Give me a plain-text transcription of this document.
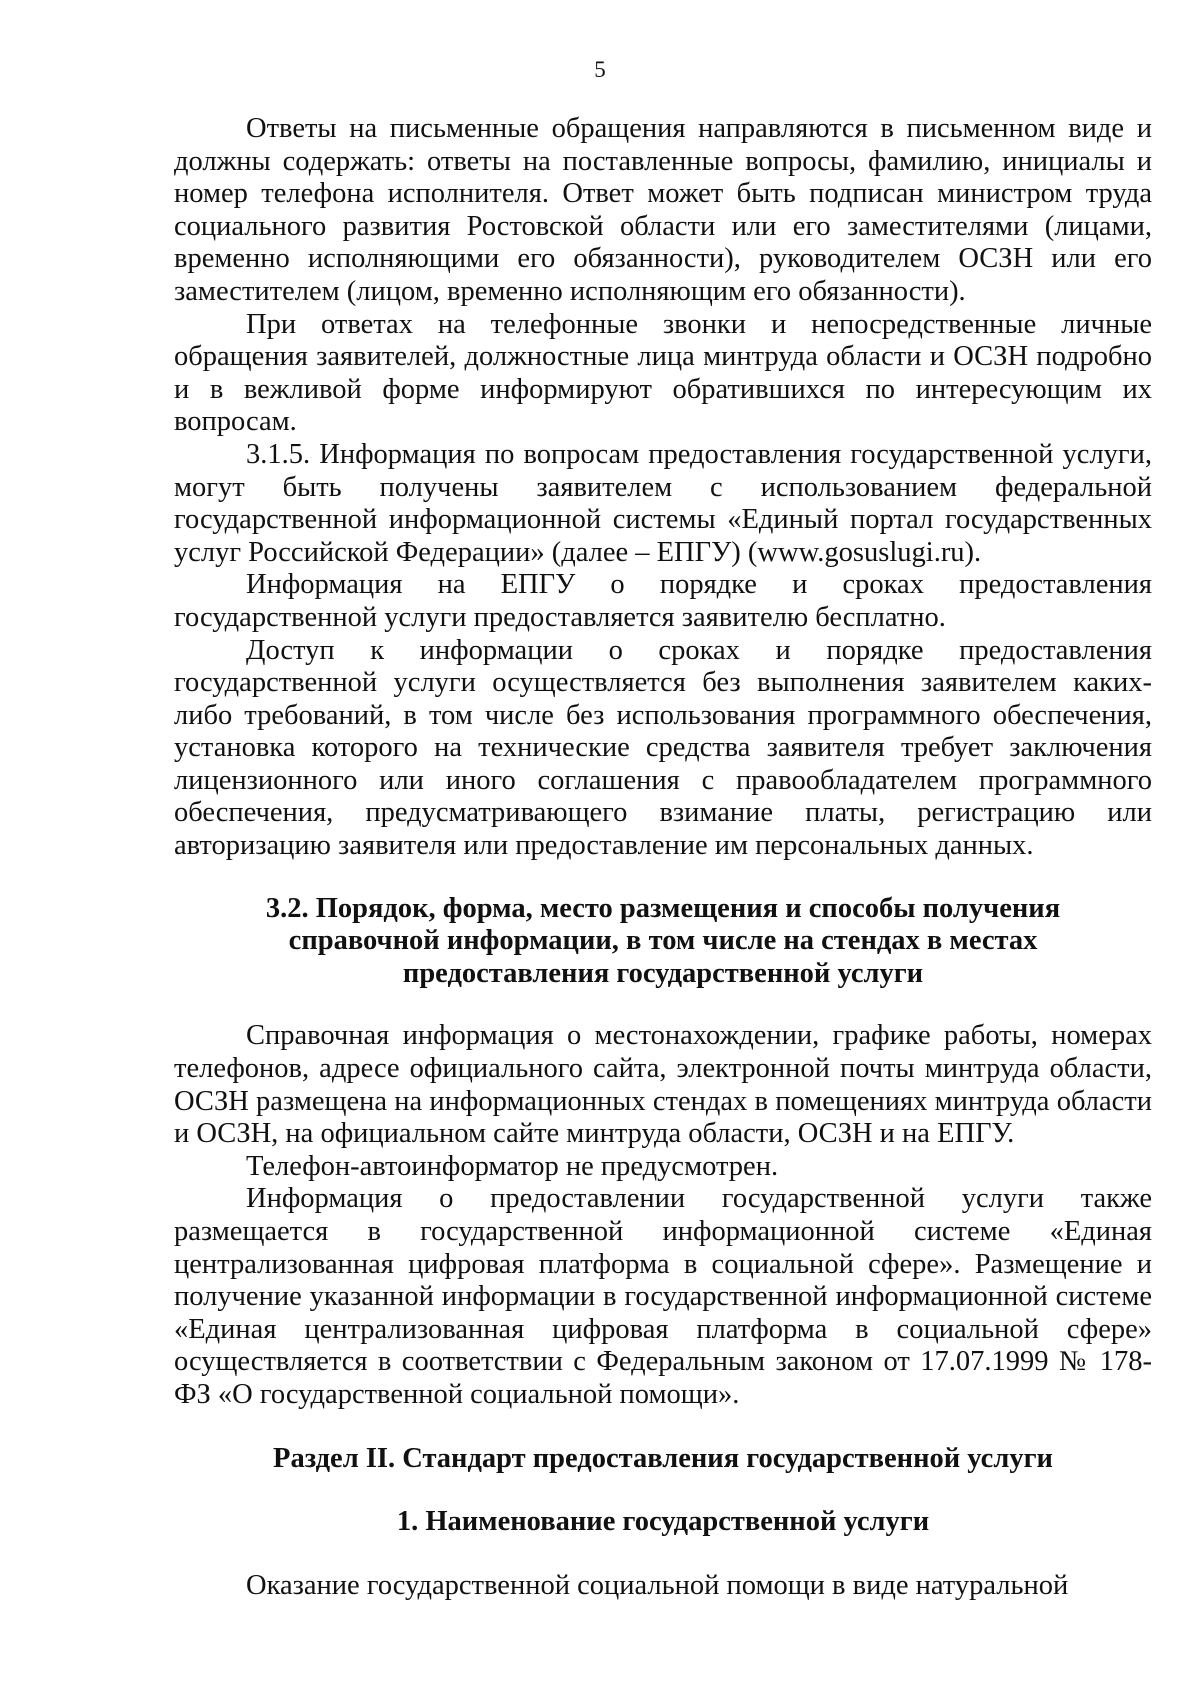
5

Ответы на письменные обращения направляются в письменном виде и должны содержать: ответы на поставленные вопросы, фамилию, инициалы и номер телефона исполнителя. Ответ может быть подписан министром труда социального развития Ростовской области или его заместителями (лицами, временно исполняющими его обязанности), руководителем ОСЗН или его заместителем (лицом, временно исполняющим его обязанности).

При ответах на телефонные звонки и непосредственные личные обращения заявителей, должностные лица минтруда области и ОСЗН подробно и в вежливой форме информируют обратившихся по интересующим их вопросам.

3.1.5. Информация по вопросам предоставления государственной услуги, могут быть получены заявителем с использованием федеральной государственной информационной системы «Единый портал государственных услуг Российской Федерации» (далее – ЕПГУ) (www.gosuslugi.ru).

Информация на ЕПГУ о порядке и сроках предоставления государственной услуги предоставляется заявителю бесплатно.

Доступ к информации о сроках и порядке предоставления государственной услуги осуществляется без выполнения заявителем каких-либо требований, в том числе без использования программного обеспечения, установка которого на технические средства заявителя требует заключения лицензионного или иного соглашения с правообладателем программного обеспечения, предусматривающего взимание платы, регистрацию или авторизацию заявителя или предоставление им персональных данных.

3.2. Порядок, форма, место размещения и способы получения справочной информации, в том числе на стендах в местах предоставления государственной услуги

Справочная информация о местонахождении, графике работы, номерах телефонов, адресе официального сайта, электронной почты минтруда области, ОСЗН размещена на информационных стендах в помещениях минтруда области и ОСЗН, на официальном сайте минтруда области, ОСЗН и на ЕПГУ.

Телефон-автоинформатор не предусмотрен.

Информация о предоставлении государственной услуги также размещается в государственной информационной системе «Единая централизованная цифровая платформа в социальной сфере». Размещение и получение указанной информации в государственной информационной системе «Единая централизованная цифровая платформа в социальной сфере» осуществляется в соответствии с Федеральным законом от 17.07.1999 № 178-ФЗ «О государственной социальной помощи».

Раздел II. Стандарт предоставления государственной услуги

1. Наименование государственной услуги

Оказание государственной социальной помощи в виде натуральной
